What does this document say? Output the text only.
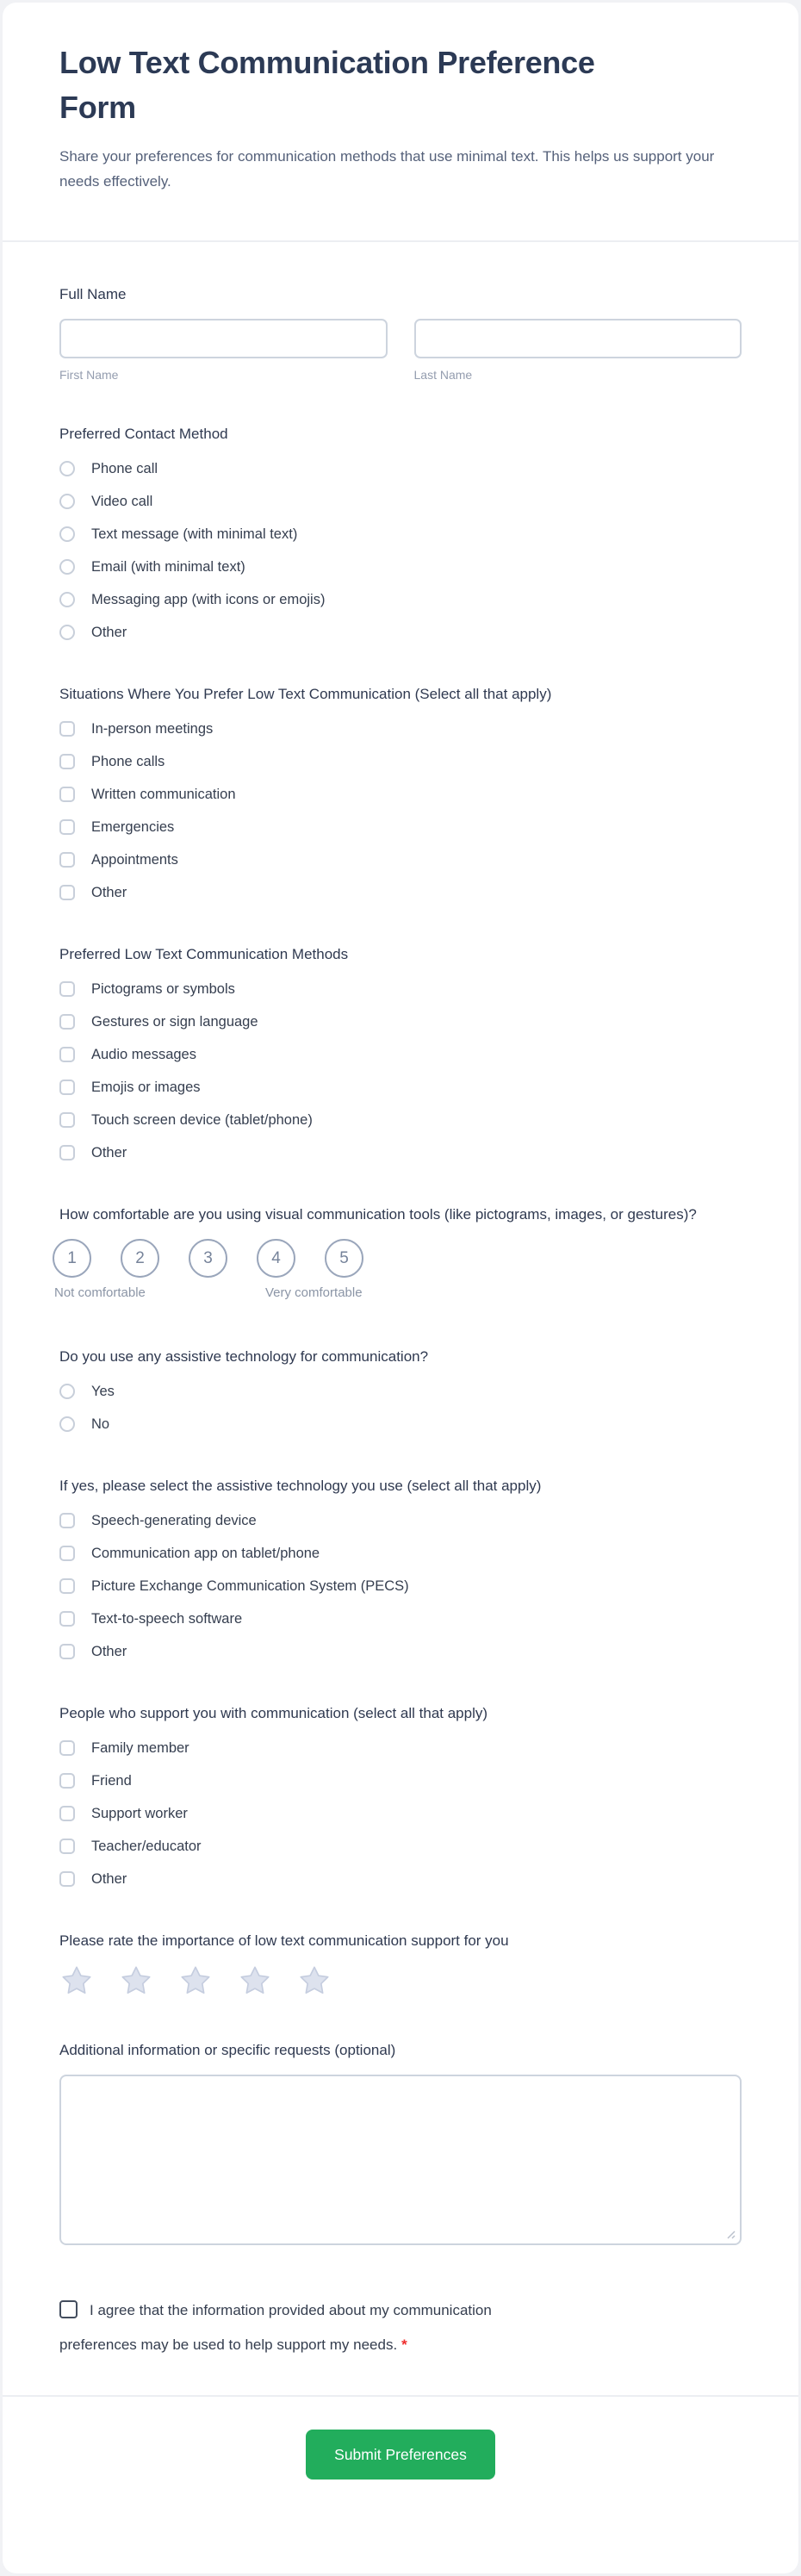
Low Text Communication Preference Form

Share your preferences for communication methods that use minimal text. This helps us support your needs effectively.

Full Name
First Name	Last Name
Preferred Contact Method
Phone call
Video call
Text message (with minimal text)
Email (with minimal text)
Messaging app (with icons or emojis)
Other
Situations Where You Prefer Low Text Communication (Select all that apply)
In-person meetings
Phone calls
Written communication
Emergencies
Appointments
Other
Preferred Low Text Communication Methods
Pictograms or symbols
Gestures or sign language
Audio messages
Emojis or images
Touch screen device (tablet/phone)
Other
How comfortable are you using visual communication tools (like pictograms, images, or gestures)?
1	2	3	4	5
Not comfortable	Very comfortable
Do you use any assistive technology for communication?
Yes
No
If yes, please select the assistive technology you use (select all that apply)
Speech-generating device
Communication app on tablet/phone
Picture Exchange Communication System (PECS)
Text-to-speech software
Other
People who support you with communication (select all that apply)
Family member
Friend
Support worker
Teacher/educator
Other
Please rate the importance of low text communication support for you
Additional information or specific requests (optional)

I agree that the information provided about my communication preferences may be used to help support my needs. *

Submit Preferences
